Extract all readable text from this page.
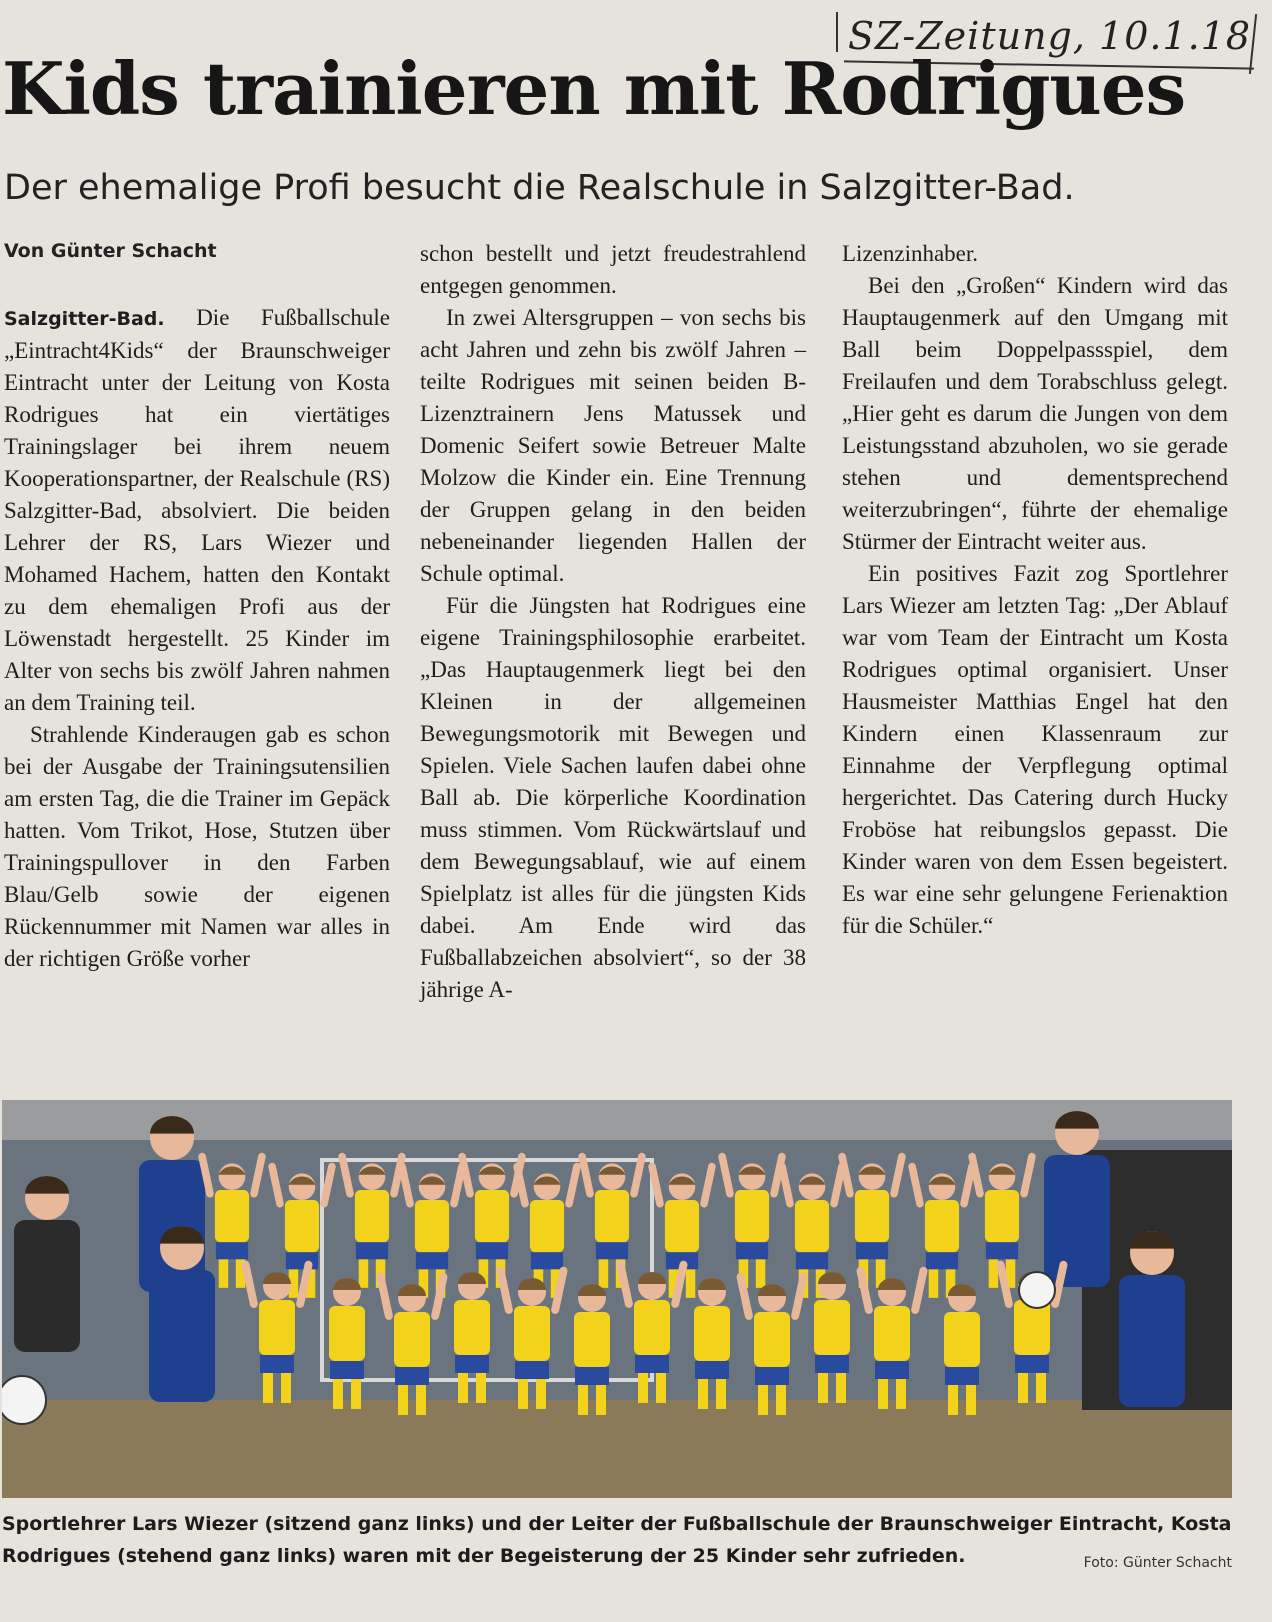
SZ-Zeitung, 10.1.18
Kids trainieren mit Rodrigues
Der ehemalige Profi besucht die Realschule in Salzgitter-Bad.
Von Günter Schacht

Salzgitter-Bad. Die Fußballschule „Eintracht4Kids“ der Braunschweiger Eintracht unter der Leitung von Kosta Rodrigues hat ein viertätiges Trainingslager bei ihrem neuem Kooperationspartner, der Realschule (RS) Salzgitter-Bad, absolviert. Die beiden Lehrer der RS, Lars Wiezer und Mohamed Hachem, hatten den Kontakt zu dem ehemaligen Profi aus der Löwenstadt hergestellt. 25 Kinder im Alter von sechs bis zwölf Jahren nahmen an dem Training teil.

Strahlende Kinderaugen gab es schon bei der Ausgabe der Trainingsutensilien am ersten Tag, die die Trainer im Gepäck hatten. Vom Trikot, Hose, Stutzen über Trainingspullover in den Farben Blau/Gelb sowie der eigenen Rückennummer mit Namen war alles in der richtigen Größe vorher

schon bestellt und jetzt freudestrahlend entgegen genommen.

In zwei Altersgruppen – von sechs bis acht Jahren und zehn bis zwölf Jahren – teilte Rodrigues mit seinen beiden B-Lizenztrainern Jens Matussek und Domenic Seifert sowie Betreuer Malte Molzow die Kinder ein. Eine Trennung der Gruppen gelang in den beiden nebeneinander liegenden Hallen der Schule optimal.

Für die Jüngsten hat Rodrigues eine eigene Trainingsphilosophie erarbeitet. „Das Hauptaugenmerk liegt bei den Kleinen in der allgemeinen Bewegungsmotorik mit Bewegen und Spielen. Viele Sachen laufen dabei ohne Ball ab. Die körperliche Koordination muss stimmen. Vom Rückwärtslauf und dem Bewegungsablauf, wie auf einem Spielplatz ist alles für die jüngsten Kids dabei. Am Ende wird das Fußballabzeichen absolviert“, so der 38 jährige A-

Lizenzinhaber.

Bei den „Großen“ Kindern wird das Hauptaugenmerk auf den Umgang mit Ball beim Doppelpassspiel, dem Freilaufen und dem Torabschluss gelegt. „Hier geht es darum die Jungen von dem Leistungsstand abzuholen, wo sie gerade stehen und dementsprechend weiterzubringen“, führte der ehemalige Stürmer der Eintracht weiter aus.

Ein positives Fazit zog Sportlehrer Lars Wiezer am letzten Tag: „Der Ablauf war vom Team der Eintracht um Kosta Rodrigues optimal organisiert. Unser Hausmeister Matthias Engel hat den Kindern einen Klassenraum zur Einnahme der Verpflegung optimal hergerichtet. Das Catering durch Hucky Froböse hat reibungslos gepasst. Die Kinder waren von dem Essen begeistert. Es war eine sehr gelungene Ferienaktion für die Schüler.“

Sportlehrer Lars Wiezer (sitzend ganz links) und der Leiter der Fußballschule der Braunschweiger Eintracht, Kosta Rodrigues (stehend ganz links) waren mit der Begeisterung der 25 Kinder sehr zufrieden.	Foto: Günter Schacht
